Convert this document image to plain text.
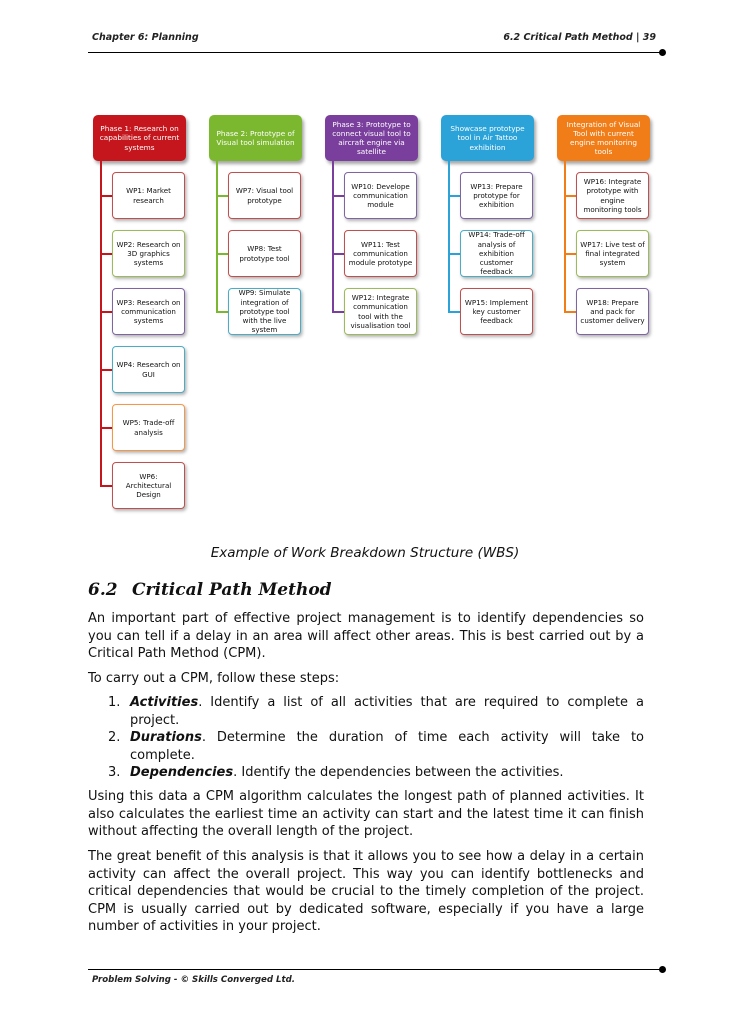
Chapter 6: Planning	6.2 Critical Path Method | 39
Phase 1: Research on capabilities of current systems
WP1: Market research
WP2: Research on 3D graphics systems
WP3: Research on communication systems
WP4: Research on GUI
WP5: Trade-off analysis
WP6: Architectural Design
Phase 2: Prototype of Visual tool simulation
WP7: Visual tool prototype
WP8: Test prototype tool
WP9: Simulate integration of prototype tool with the live system
Phase 3: Prototype to connect visual tool to aircraft engine via satellite
WP10: Develope communication module
WP11: Test communication module prototype
WP12: Integrate communication tool with the visualisation tool
Showcase prototype tool in Air Tattoo exhibition
WP13: Prepare prototype for exhibition
WP14: Trade-off analysis of exhibition customer feedback
WP15: Implement key customer feedback
Integration of Visual Tool with current engine monitoring tools
WP16: Integrate prototype with engine monitoring tools
WP17: Live test of final integrated system
WP18: Prepare and pack for customer delivery
Example of Work Breakdown Structure (WBS)
6.2 Critical Path Method
An important part of effective project management is to identify dependencies so you can tell if a delay in an area will affect other areas. This is best carried out by a Critical Path Method (CPM).
To carry out a CPM, follow these steps:
1. Activities. Identify a list of all activities that are required to complete a project.
2. Durations. Determine the duration of time each activity will take to complete.
3. Dependencies. Identify the dependencies between the activities.
Using this data a CPM algorithm calculates the longest path of planned activities. It also calculates the earliest time an activity can start and the latest time it can finish without affecting the overall length of the project.
The great benefit of this analysis is that it allows you to see how a delay in a certain activity can affect the overall project. This way you can identify bottlenecks and critical dependencies that would be crucial to the timely completion of the project. CPM is usually carried out by dedicated software, especially if you have a large number of activities in your project.
Problem Solving - © Skills Converged Ltd.
